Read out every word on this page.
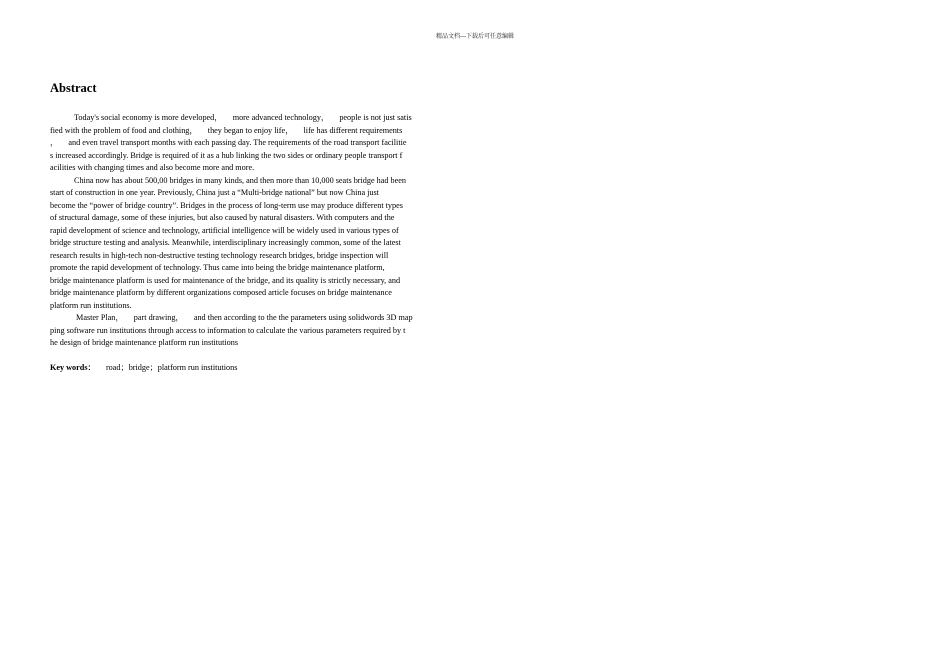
精品文档---下载后可任意编辑
Abstract
Today's social economy is more developed，     more advanced technology，     people is not just satis
fied with the problem of food and clothing，     they began to enjoy life，     life has different requirements
，     and even travel transport months with each passing day. The requirements of the road transport facilitie
s increased accordingly. Bridge is required of it as a hub linking the two sides or ordinary people transport f
acilities with changing times and also become more and more.
China now has about 500,00 bridges in many kinds, and then more than 10,000 seats bridge had been
start of construction in one year. Previously, China just a “Multi-bridge national” but now China just
become the “power of bridge country”. Bridges in the process of long-term use may produce different types
of structural damage, some of these injuries, but also caused by natural disasters. With computers and the
rapid development of science and technology, artificial intelligence will be widely used in various types of
bridge structure testing and analysis. Meanwhile, interdisciplinary increasingly common, some of the latest
research results in high-tech non-destructive testing technology research bridges, bridge inspection will
promote the rapid development of technology. Thus came into being the bridge maintenance platform,
bridge maintenance platform is used for maintenance of the bridge, and its quality is strictly necessary, and
bridge maintenance platform by different organizations composed article focuses on bridge maintenance
platform run institutions.
Master Plan，     part drawing，     and then according to the the parameters using solidwords 3D map
ping software run institutions through access to information to calculate the various parameters required by t
he design of bridge maintenance platform run institutions
Key words： road；bridge；platform run institutions
